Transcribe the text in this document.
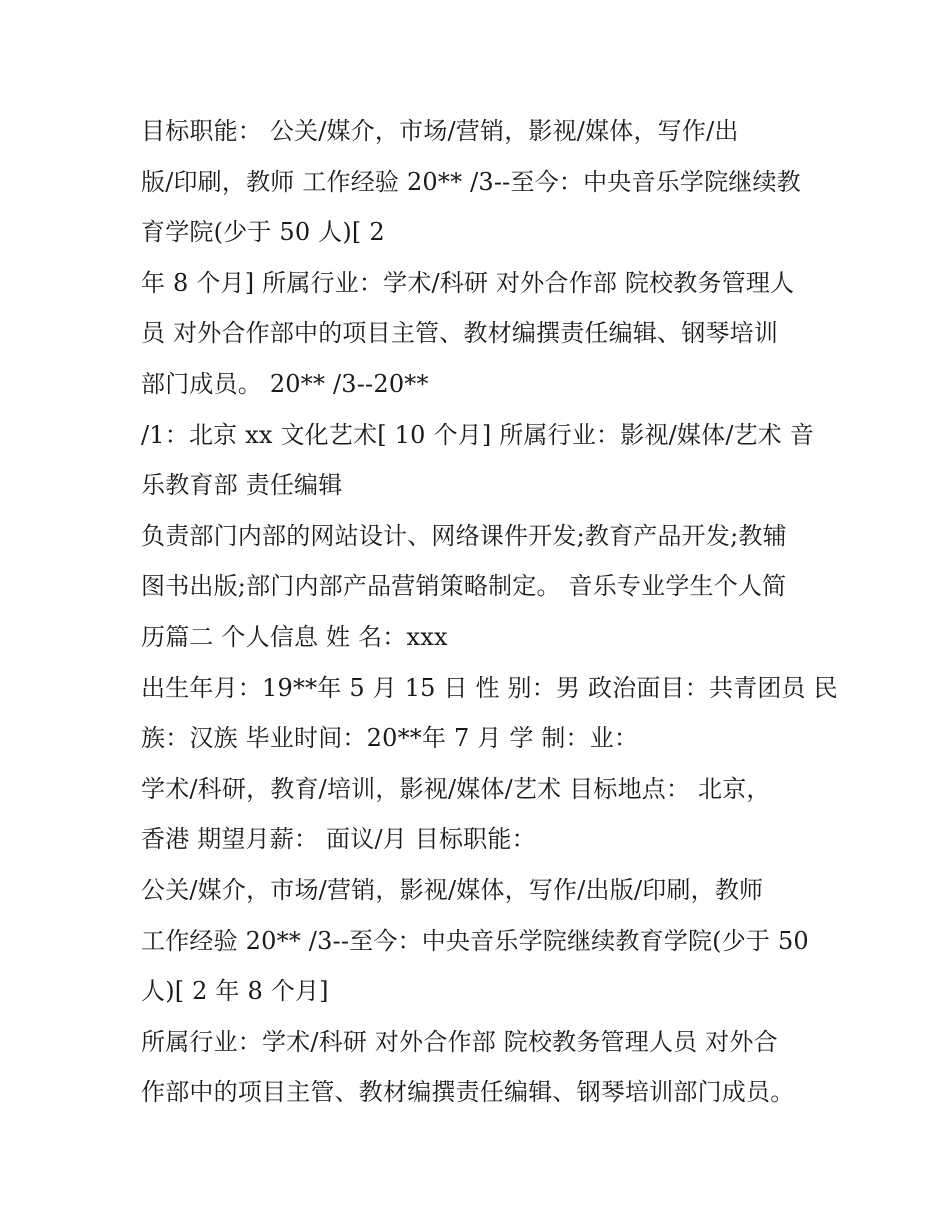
目标职能： 公关/媒介，市场/营销，影视/媒体，写作/出
版/印刷，教师 工作经验 20** /3--至今：中央音乐学院继续教
育学院(少于 50 人)[ 2
年 8 个月] 所属行业：学术/科研 对外合作部 院校教务管理人
员 对外合作部中的项目主管、教材编撰责任编辑、钢琴培训
部门成员。 20** /3--20**
/1：北京 xx 文化艺术[ 10 个月] 所属行业：影视/媒体/艺术 音
乐教育部 责任编辑
负责部门内部的网站设计、网络课件开发;教育产品开发;教辅
图书出版;部门内部产品营销策略制定。 音乐专业学生个人简
历篇二 个人信息 姓 名：xxx
出生年月：19**年 5 月 15 日 性 别：男 政治面目：共青团员 民
族：汉族 毕业时间：20**年 7 月 学 制：业：
学术/科研，教育/培训，影视/媒体/艺术 目标地点： 北京，
香港 期望月薪： 面议/月 目标职能：
公关/媒介，市场/营销，影视/媒体，写作/出版/印刷，教师
工作经验 20** /3--至今：中央音乐学院继续教育学院(少于 50
人)[ 2 年 8 个月]
所属行业：学术/科研 对外合作部 院校教务管理人员 对外合
作部中的项目主管、教材编撰责任编辑、钢琴培训部门成员。
